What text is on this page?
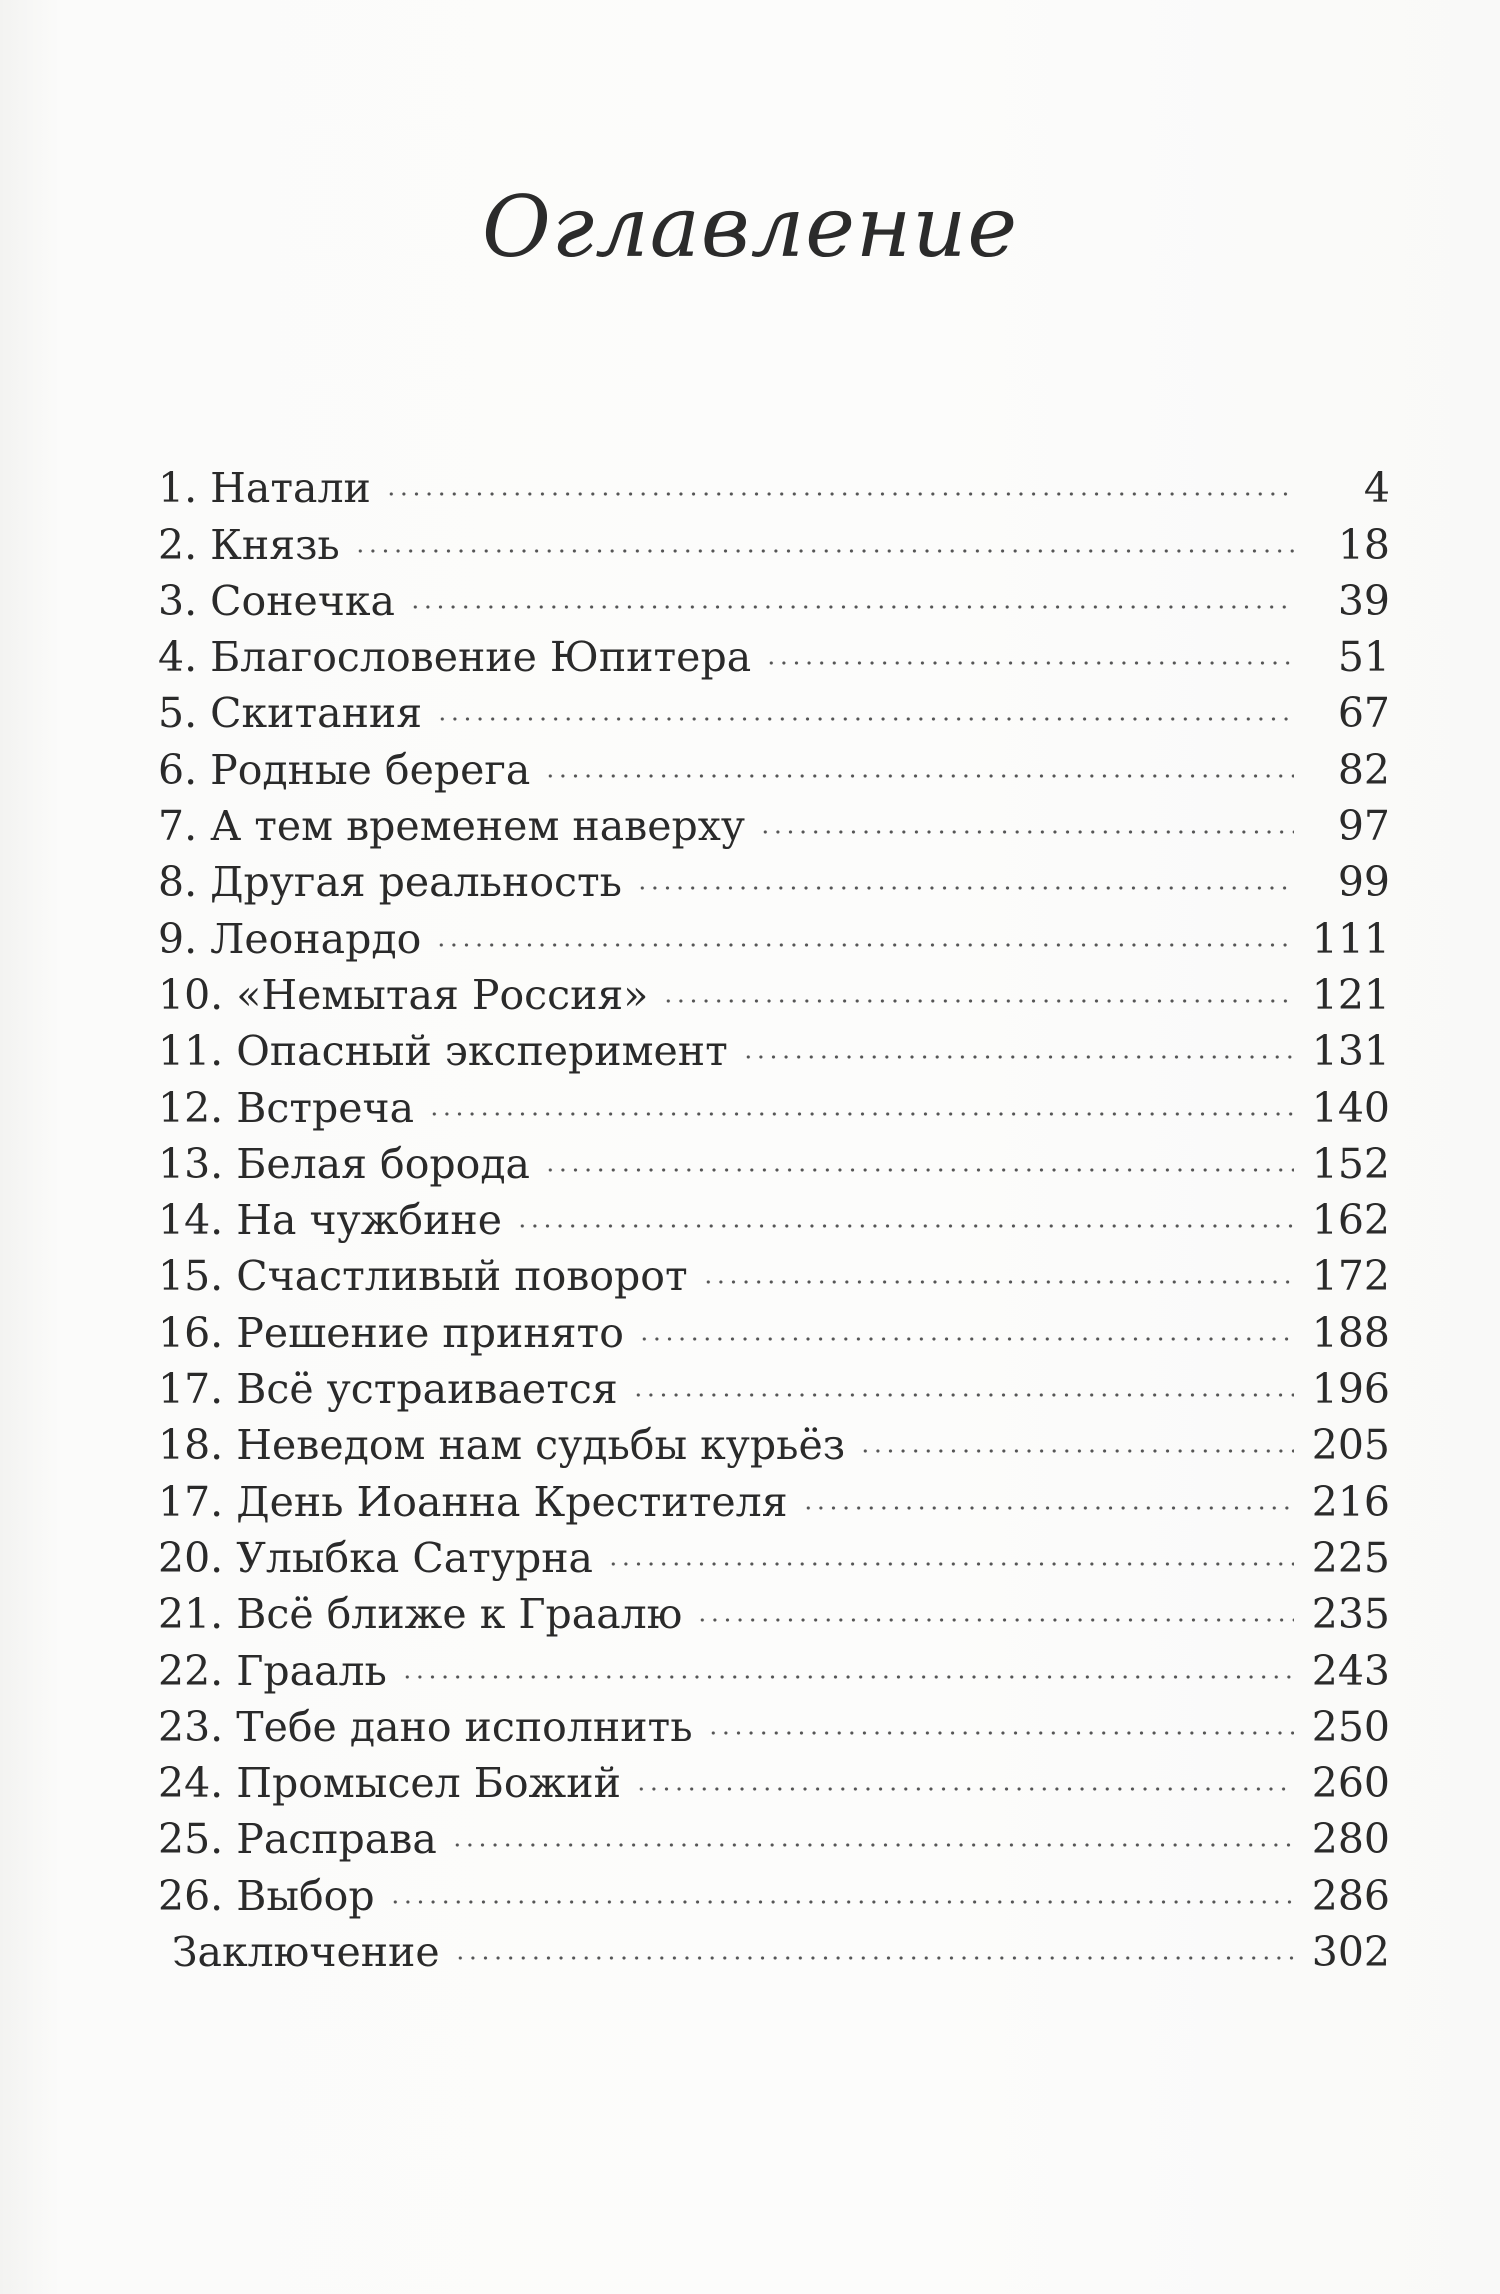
Оглавление
1. Натали	4
2. Князь	18
3. Сонечка	39
4. Благословение Юпитера	51
5. Скитания	67
6. Родные берега	82
7. А тем временем наверху	97
8. Другая реальность	99
9. Леонардо	111
10. «Немытая Россия»	121
11. Опасный эксперимент	131
12. Встреча	140
13. Белая борода	152
14. На чужбине	162
15. Счастливый поворот	172
16. Решение принято	188
17. Всё устраивается	196
18. Неведом нам судьбы курьёз	205
17. День Иоанна Крестителя	216
20. Улыбка Сатурна	225
21. Всё ближе к Граалю	235
22. Грааль	243
23. Тебе дано исполнить	250
24. Промысел Божий	260
25. Расправа	280
26. Выбор	286
Заключение	302
